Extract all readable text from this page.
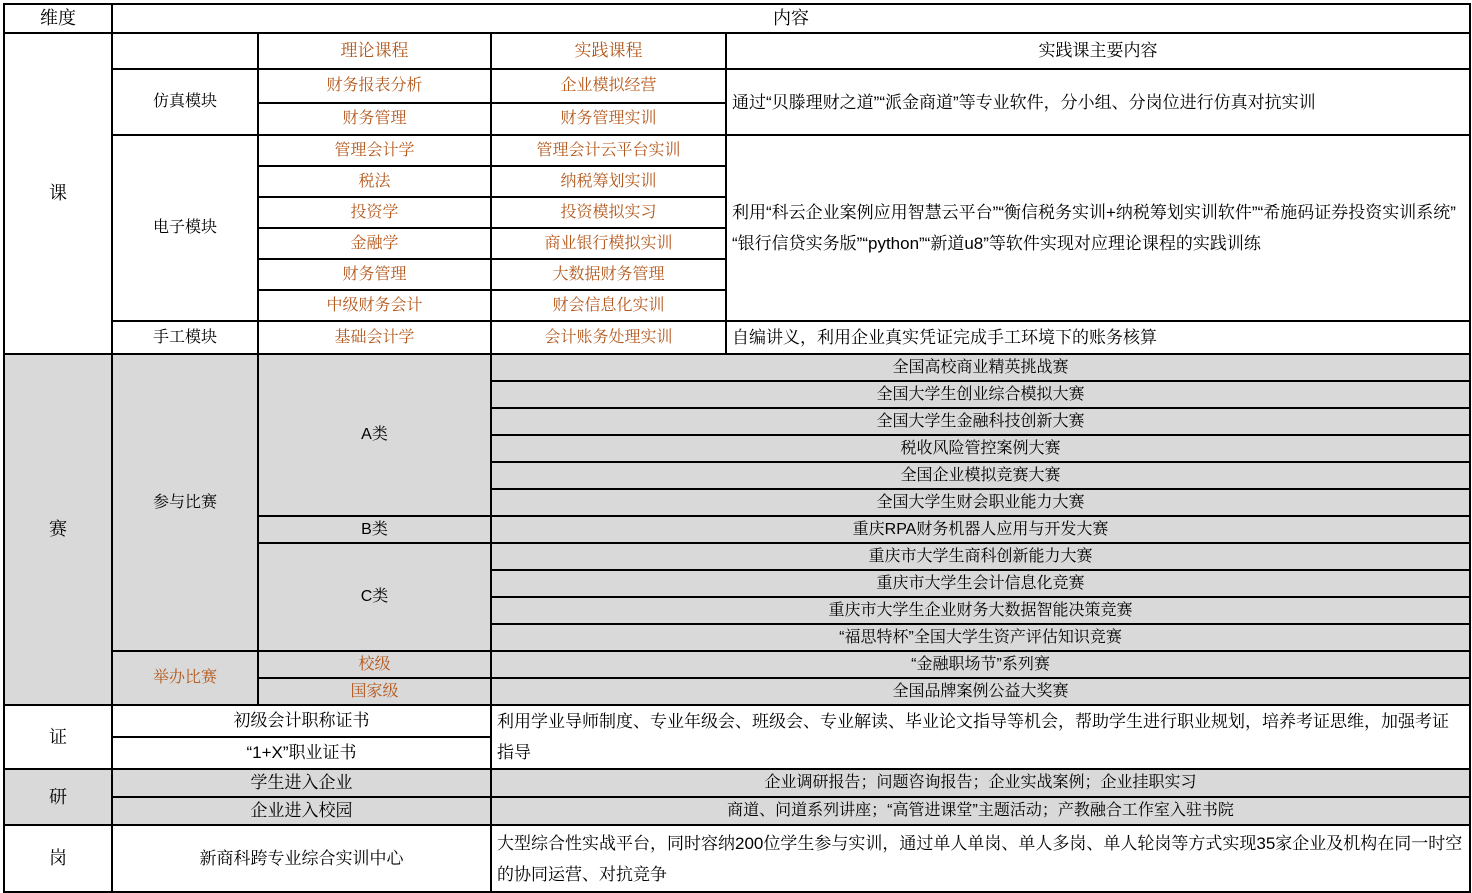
维度	内容			
课		理论课程	实践课程	实践课主要内容
	仿真模块	财务报表分析	企业模拟经营	通过“贝滕理财之道”“派金商道”等专业软件，分小组、分岗位进行仿真对抗实训
		财务管理	财务管理实训	
	电子模块	管理会计学	管理会计云平台实训	利用“科云企业案例应用智慧云平台”“衡信税务实训+纳税筹划实训软件”“希施码证券投资实训系统”“银行信贷实务版”“python”“新道u8”等软件实现对应理论课程的实践训练
		税法	纳税筹划实训	
		投资学	投资模拟实习	
		金融学	商业银行模拟实训	
		财务管理	大数据财务管理	
		中级财务会计	财会信息化实训	
	手工模块	基础会计学	会计账务处理实训	自编讲义，利用企业真实凭证完成手工环境下的账务核算
赛	参与比赛	A类	全国高校商业精英挑战赛	
			全国大学生创业综合模拟大赛	
			全国大学生金融科技创新大赛	
			税收风险管控案例大赛	
			全国企业模拟竞赛大赛	
			全国大学生财会职业能力大赛	
		B类	重庆RPA财务机器人应用与开发大赛	
		C类	重庆市大学生商科创新能力大赛	
			重庆市大学生会计信息化竞赛	
			重庆市大学生企业财务大数据智能决策竞赛	
			“福思特杯”全国大学生资产评估知识竞赛	
	举办比赛	校级	“金融职场节”系列赛	
		国家级	全国品牌案例公益大奖赛	
证	初级会计职称证书		利用学业导师制度、专业年级会、班级会、专业解读、毕业论文指导等机会，帮助学生进行职业规划，培养考证思维，加强考证指导	
	“1+X”职业证书			
研	学生进入企业		企业调研报告；问题咨询报告；企业实战案例；企业挂职实习	
	企业进入校园		商道、问道系列讲座；“高管进课堂”主题活动；产教融合工作室入驻书院	
岗	新商科跨专业综合实训中心		大型综合性实战平台，同时容纳200位学生参与实训，通过单人单岗、单人多岗、单人轮岗等方式实现35家企业及机构在同一时空的协同运营、对抗竞争	
